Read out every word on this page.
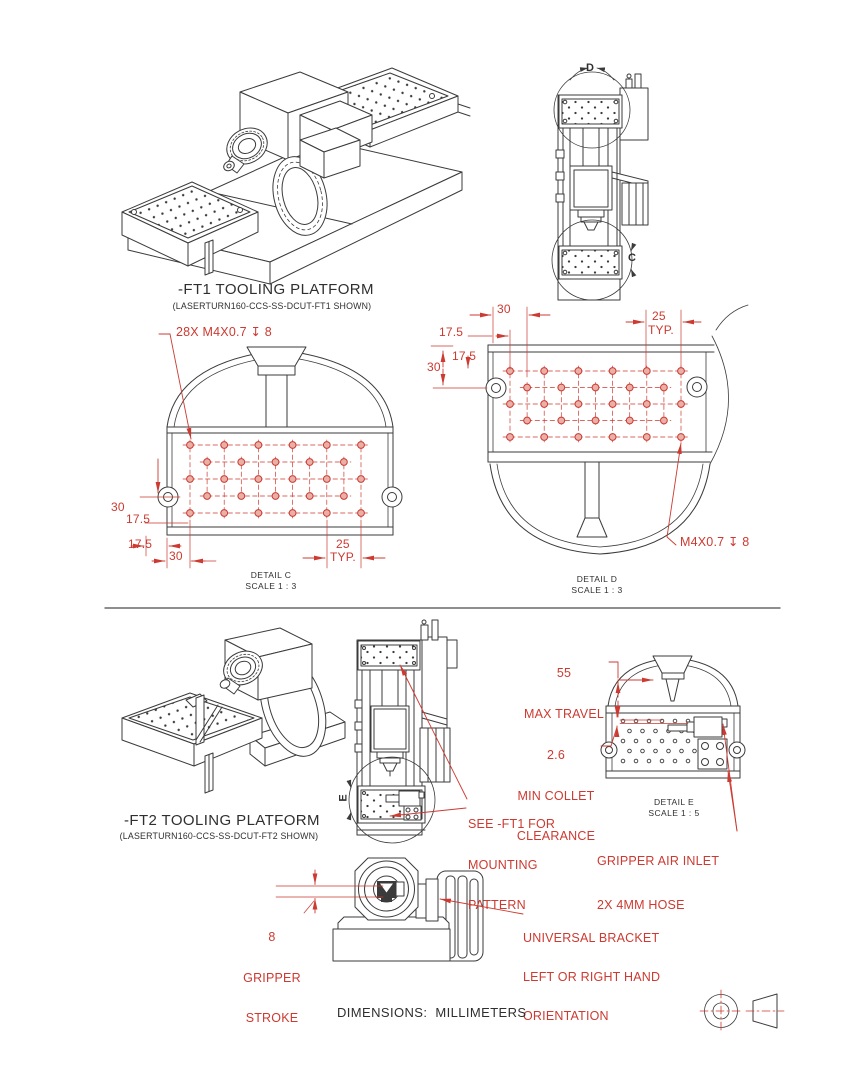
-FT1 TOOLING PLATFORM
(LASERTURN160-CCS-SS-DCUT-FT1 SHOWN)
D
C
28X M4X0.7 ↧ 8
30
17.5
17.5
30
25
TYP.
DETAIL C
SCALE 1 : 3
30	25
TYP.
17.5
17.5
30
M4X0.7 ↧ 8
DETAIL D
SCALE 1 : 3
-FT2 TOOLING PLATFORM
(LASERTURN160-CCS-SS-DCUT-FT2 SHOWN)
E

55

MAX TRAVEL

2.6

MIN COLLET

CLEARANCE

SEE -FT1 FOR

MOUNTING

PATTERN

DETAIL E
SCALE 1 : 5

GRIPPER AIR INLET

2X 4MM HOSE

8

GRIPPER

STROKE

UNIVERSAL BRACKET

LEFT OR RIGHT HAND

ORIENTATION

DIMENSIONS:  MILLIMETERS
